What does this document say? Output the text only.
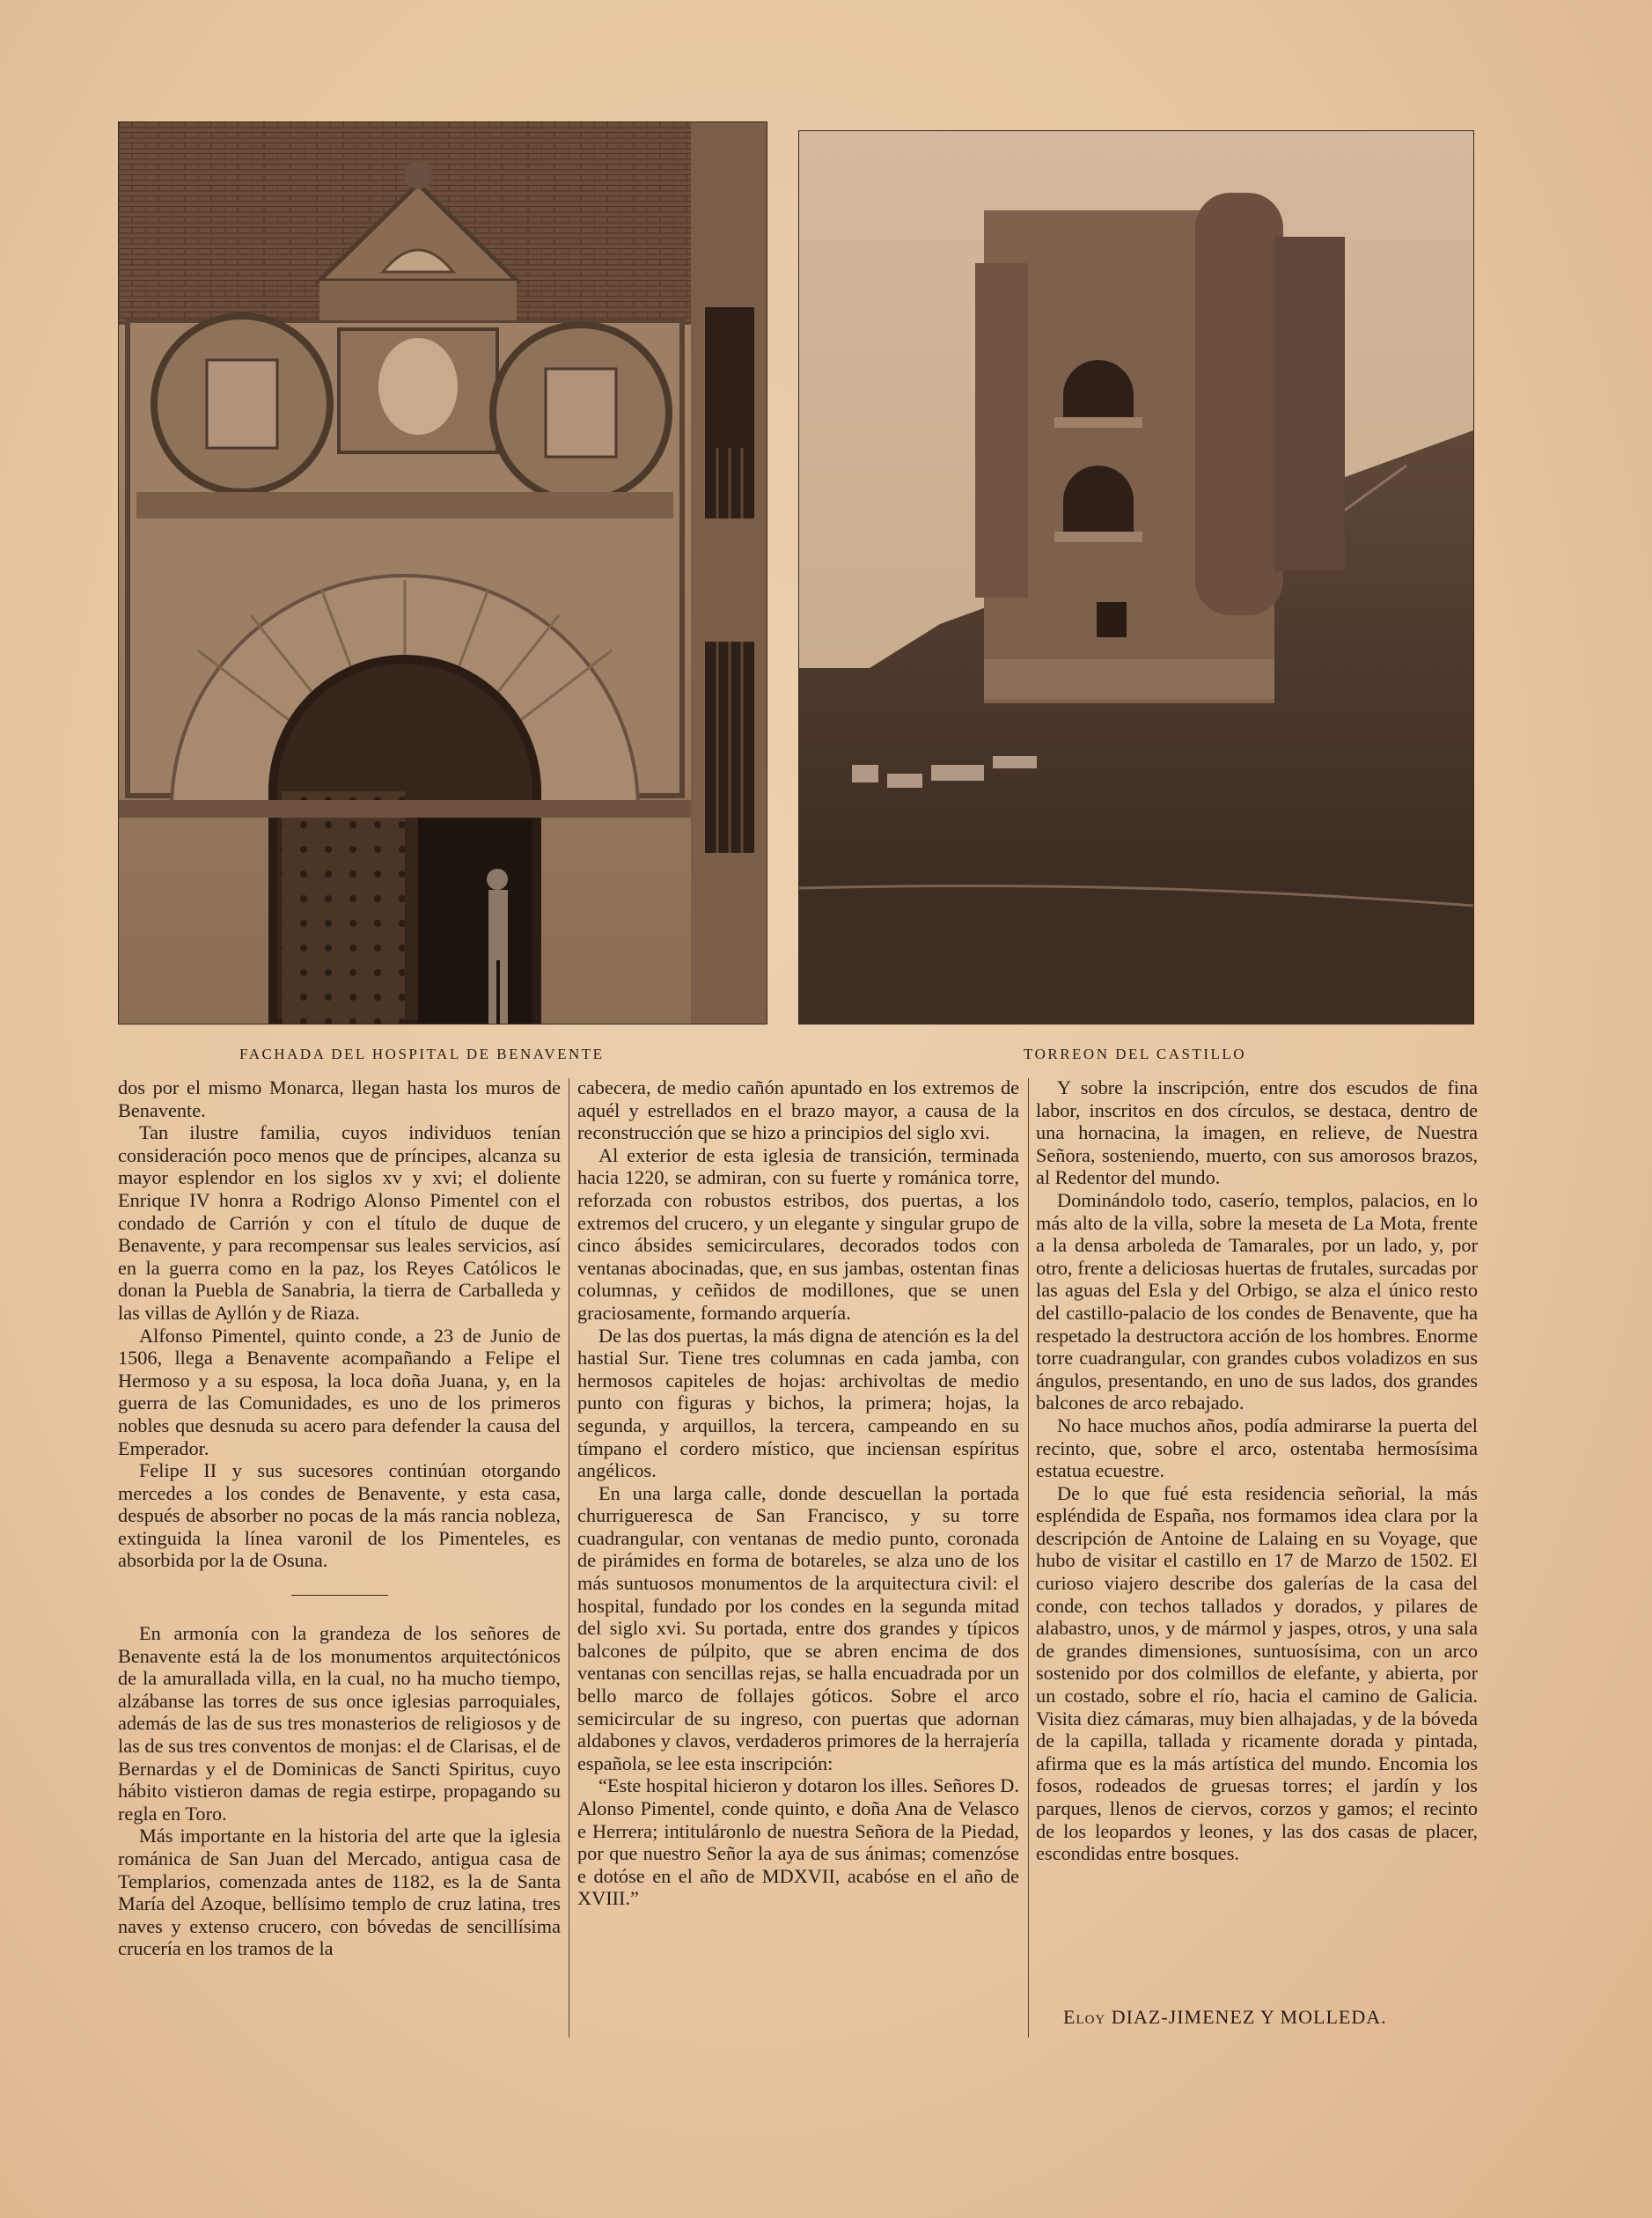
FACHADA DEL HOSPITAL DE BENAVENTE	TORREON DEL CASTILLO

dos por el mismo Monarca, llegan hasta los muros de Benavente.

Tan ilustre familia, cuyos individuos tenían consideración poco menos que de príncipes, alcanza su mayor esplendor en los siglos xv y xvi; el doliente Enrique IV honra a Rodrigo Alonso Pimentel con el condado de Carrión y con el título de duque de Benavente, y para recompensar sus leales servicios, así en la guerra como en la paz, los Reyes Católicos le donan la Puebla de Sanabria, la tierra de Carballeda y las villas de Ayllón y de Riaza.

Alfonso Pimentel, quinto conde, a 23 de Junio de 1506, llega a Benavente acompañando a Felipe el Hermoso y a su esposa, la loca doña Juana, y, en la guerra de las Comunidades, es uno de los primeros nobles que desnuda su acero para defender la causa del Emperador.

Felipe II y sus sucesores continúan otorgando mercedes a los condes de Benavente, y esta casa, después de absorber no pocas de la más rancia nobleza, extinguida la línea varonil de los Pimenteles, es absorbida por la de Osuna.

En armonía con la grandeza de los señores de Benavente está la de los monumentos arquitectónicos de la amurallada villa, en la cual, no ha mucho tiempo, alzábanse las torres de sus once iglesias parroquiales, además de las de sus tres monasterios de religiosos y de las de sus tres conventos de monjas: el de Clarisas, el de Bernardas y el de Dominicas de Sancti Spiritus, cuyo hábito vistieron damas de regia estirpe, propagando su regla en Toro.

Más importante en la historia del arte que la iglesia románica de San Juan del Mercado, antigua casa de Templarios, comenzada antes de 1182, es la de Santa María del Azoque, bellísimo templo de cruz latina, tres naves y extenso crucero, con bóvedas de sencillísima crucería en los tramos de la

cabecera, de medio cañón apuntado en los extremos de aquél y estrellados en el brazo mayor, a causa de la reconstrucción que se hizo a principios del siglo xvi.

Al exterior de esta iglesia de transición, terminada hacia 1220, se admiran, con su fuerte y románica torre, reforzada con robustos estribos, dos puertas, a los extremos del crucero, y un elegante y singular grupo de cinco ábsides semicirculares, decorados todos con ventanas abocinadas, que, en sus jambas, ostentan finas columnas, y ceñidos de modillones, que se unen graciosamente, formando arquería.

De las dos puertas, la más digna de atención es la del hastial Sur. Tiene tres columnas en cada jamba, con hermosos capiteles de hojas: archivoltas de medio punto con figuras y bichos, la primera; hojas, la segunda, y arquillos, la tercera, campeando en su tímpano el cordero místico, que inciensan espíritus angélicos.

En una larga calle, donde descuellan la portada churrigueresca de San Francisco, y su torre cuadrangular, con ventanas de medio punto, coronada de pirámides en forma de botareles, se alza uno de los más suntuosos monumentos de la arquitectura civil: el hospital, fundado por los condes en la segunda mitad del siglo xvi. Su portada, entre dos grandes y típicos balcones de púlpito, que se abren encima de dos ventanas con sencillas rejas, se halla encuadrada por un bello marco de follajes góticos. Sobre el arco semicircular de su ingreso, con puertas que adornan aldabones y clavos, verdaderos primores de la herrajería española, se lee esta inscripción:

“Este hospital hicieron y dotaron los illes. Señores D. Alonso Pimentel, conde quinto, e doña Ana de Velasco e Herrera; intituláronlo de nuestra Señora de la Piedad, por que nuestro Señor la aya de sus ánimas; comenzóse e dotóse en el año de MDXVII, acabóse en el año de XVIII.”

Y sobre la inscripción, entre dos escudos de fina labor, inscritos en dos círculos, se destaca, dentro de una hornacina, la imagen, en relieve, de Nuestra Señora, sosteniendo, muerto, con sus amorosos brazos, al Redentor del mundo.

Dominándolo todo, caserío, templos, palacios, en lo más alto de la villa, sobre la meseta de La Mota, frente a la densa arboleda de Tamarales, por un lado, y, por otro, frente a deliciosas huertas de frutales, surcadas por las aguas del Esla y del Orbigo, se alza el único resto del castillo-palacio de los condes de Benavente, que ha respetado la destructora acción de los hombres. Enorme torre cuadrangular, con grandes cubos voladizos en sus ángulos, presentando, en uno de sus lados, dos grandes balcones de arco rebajado.

No hace muchos años, podía admirarse la puerta del recinto, que, sobre el arco, ostentaba hermosísima estatua ecuestre.

De lo que fué esta residencia señorial, la más espléndida de España, nos formamos idea clara por la descripción de Antoine de Lalaing en su Voyage, que hubo de visitar el castillo en 17 de Marzo de 1502. El curioso viajero describe dos galerías de la casa del conde, con techos tallados y dorados, y pilares de alabastro, unos, y de mármol y jaspes, otros, y una sala de grandes dimensiones, suntuosísima, con un arco sostenido por dos colmillos de elefante, y abierta, por un costado, sobre el río, hacia el camino de Galicia. Visita diez cámaras, muy bien alhajadas, y de la bóveda de la capilla, tallada y ricamente dorada y pintada, afirma que es la más artística del mundo. Encomia los fosos, rodeados de gruesas torres; el jardín y los parques, llenos de ciervos, corzos y gamos; el recinto de los leopardos y leones, y las dos casas de placer, escondidas entre bosques.

Eloy DIAZ-JIMENEZ Y MOLLEDA.
